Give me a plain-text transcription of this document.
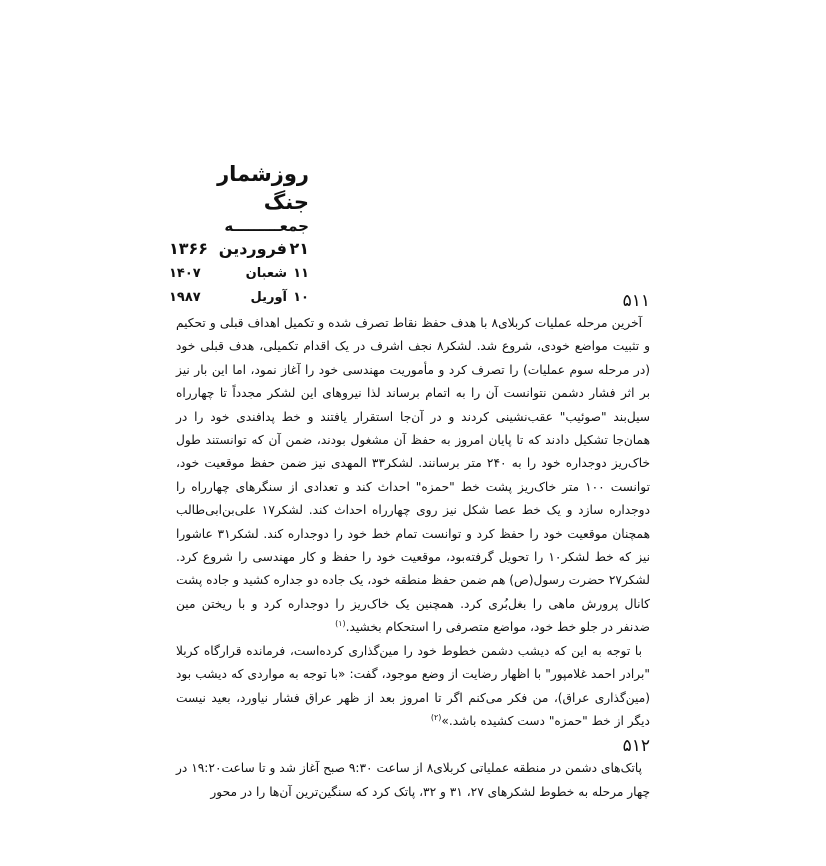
روزشمار جنگ
جمعـــــــــه
۲۱
فروردین
۱۳۶۶
۱۱
شعبان
۱۴۰۷
۱۰
آوریل
۱۹۸۷	۵۱۱

آخرین مرحله عملیات کربلای۸ با هدف حفظ نقاط تصرف شده و تکمیل اهداف قبلی و تحکیم و تثبیت مواضع خودی، شروع شد. لشکر۸ نجف اشرف در یک اقدام تکمیلی، هدف قبلی خود (در مرحله سوم عملیات) را تصرف کرد و مأموریت مهندسی خود را آغاز نمود، اما این بار نیز بر اثر فشار دشمن نتوانست آن را به اتمام برساند لذا نیروهای این لشکر مجدداً تا چهارراه سیل‌بند "صوئیب" عقب‌نشینی کردند و در آن‌جا استقرار یافتند و خط پدافندی خود را در همان‌جا تشکیل دادند که تا پایان امروز به حفظ آن مشغول بودند، ضمن آن که توانستند طول خاک‌ریز دوجداره خود را به ۲۴۰ متر برسانند. لشکر۳۳ المهدی نیز ضمن حفظ موقعیت خود، توانست ۱۰۰ متر خاک‌ریز پشت خط "حمزه" احداث کند و تعدادی از سنگرهای چهارراه را دوجداره سازد و یک خط عصا شکل نیز روی چهارراه احداث کند. لشکر۱۷ علی‌بن‌ابی‌طالب همچنان موقعیت خود را حفظ کرد و توانست تمام خط خود را دوجداره کند. لشکر۳۱ عاشورا نیز که خط لشکر۱۰ را تحویل گرفته‌بود، موقعیت خود را حفظ و کار مهندسی را شروع کرد. لشکر۲۷ حضرت رسول(ص) هم ضمن حفظ منطقه خود، یک جاده دو جداره کشید و جاده پشت کانال پرورش ماهی را بغل‌بُری کرد. همچنین یک خاک‌ریز را دوجداره کرد و با ریختن مین ضدنفر در جلو خط خود، مواضع متصرفی را استحکام بخشید.$^{(۱)}$

با توجه به این که دیشب دشمن خطوط خود را مین‌گذاری کرده‌است، فرمانده قرارگاه کربلا "برادر احمد غلامپور" با اظهار رضایت از وضع موجود، گفت: «با توجه به مواردی که دیشب بود (مین‌گذاری عراق)، من فکر می‌کنم اگر تا امروز بعد از ظهر عراق فشار نیاورد، بعید نیست دیگر از خط "حمزه" دست کشیده باشد.»$^{(۲)}$

۵۱۲

پاتک‌های دشمن در منطقه عملیاتی کربلای۸ از ساعت ۹:۳۰ صبح آغاز شد و تا ساعت۱۹:۲۰ در چهار مرحله به خطوط لشکرهای ۲۷، ۳۱ و ۳۲، پاتک کرد که سنگین‌ترین آن‌ها را در محور
